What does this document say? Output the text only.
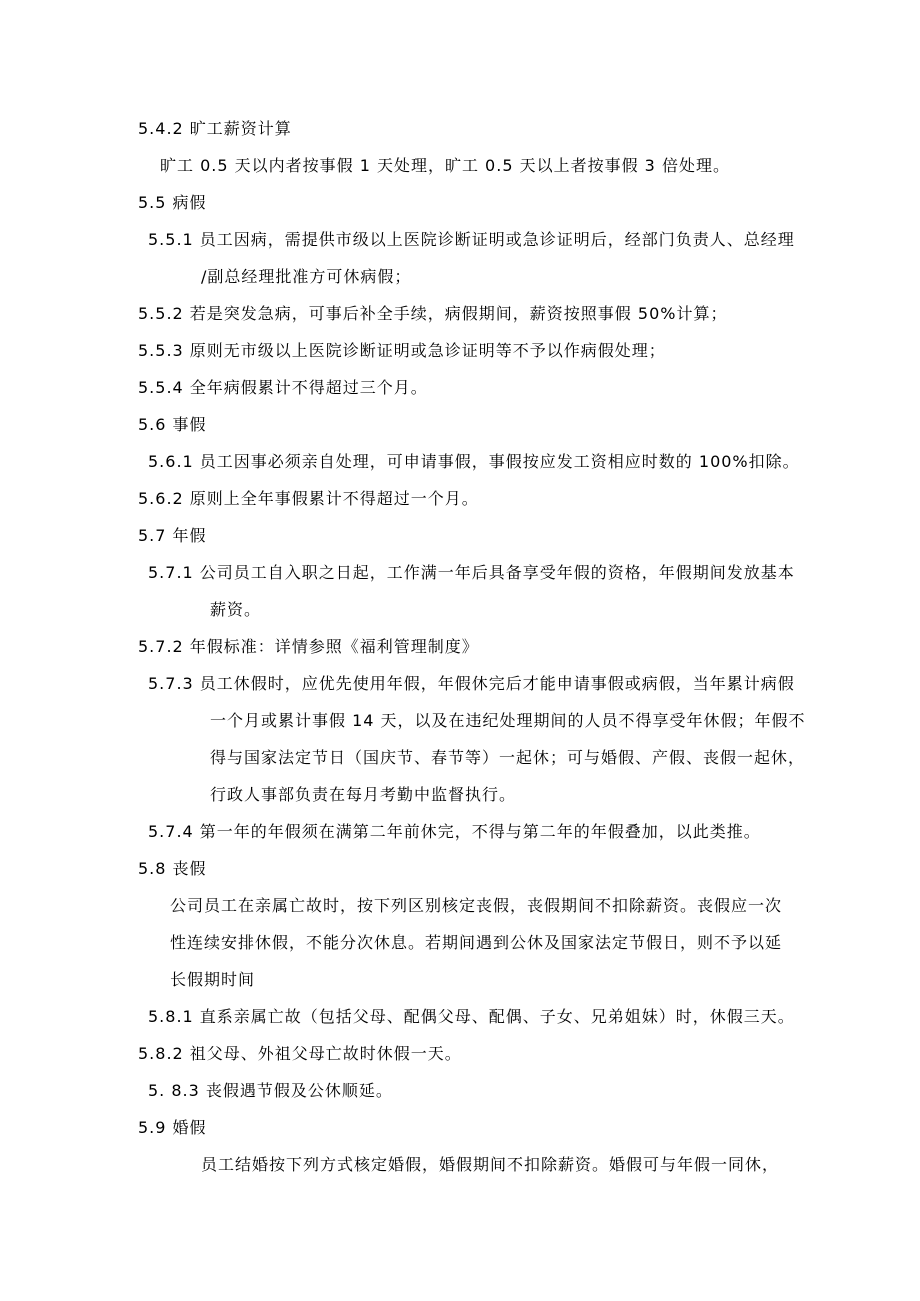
5.4.2 旷工薪资计算
旷工 0.5 天以内者按事假 1 天处理，旷工 0.5 天以上者按事假 3 倍处理。
5.5 病假
5.5.1 员工因病，需提供市级以上医院诊断证明或急诊证明后，经部门负责人、总经理
/副总经理批准方可休病假；
5.5.2 若是突发急病，可事后补全手续，病假期间，薪资按照事假 50%计算；
5.5.3 原则无市级以上医院诊断证明或急诊证明等不予以作病假处理；
5.5.4 全年病假累计不得超过三个月。
5.6 事假
5.6.1 员工因事必须亲自处理，可申请事假，事假按应发工资相应时数的 100%扣除。
5.6.2 原则上全年事假累计不得超过一个月。
5.7 年假
5.7.1 公司员工自入职之日起，工作满一年后具备享受年假的资格，年假期间发放基本
薪资。
5.7.2 年假标准：详情参照《福利管理制度》
5.7.3 员工休假时，应优先使用年假，年假休完后才能申请事假或病假，当年累计病假
一个月或累计事假 14 天，以及在违纪处理期间的人员不得享受年休假；年假不
得与国家法定节日（国庆节、春节等）一起休；可与婚假、产假、丧假一起休，
行政人事部负责在每月考勤中监督执行。
5.7.4 第一年的年假须在满第二年前休完，不得与第二年的年假叠加，以此类推。
5.8 丧假
公司员工在亲属亡故时，按下列区别核定丧假，丧假期间不扣除薪资。丧假应一次
性连续安排休假，不能分次休息。若期间遇到公休及国家法定节假日，则不予以延
长假期时间
5.8.1 直系亲属亡故（包括父母、配偶父母、配偶、子女、兄弟姐妹）时，休假三天。
5.8.2 祖父母、外祖父母亡故时休假一天。
5. 8.3 丧假遇节假及公休顺延。
5.9 婚假
员工结婚按下列方式核定婚假，婚假期间不扣除薪资。婚假可与年假一同休，
